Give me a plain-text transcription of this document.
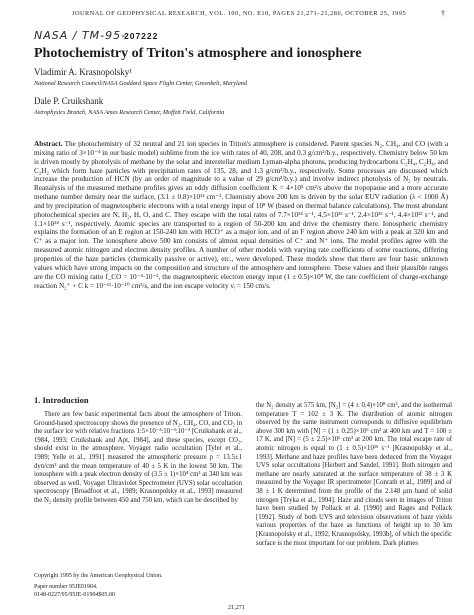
JOURNAL OF GEOPHYSICAL RESEARCH, VOL. 100, NO. E10, PAGES 21,271–21,286, OCTOBER 25, 1995	†
NASA / TM-95-
207222
Photochemistry of Triton's atmosphere and ionosphere
Vladimir A. Krasnopolsky¹
National Research Council/NASA Goddard Space Flight Center, Greenbelt, Maryland
Dale P. Cruikshank
Astrophysics Branch, NASA Ames Research Center, Moffett Field, California

Abstract. The photochemistry of 32 neutral and 21 ion species in Triton's atmosphere is considered. Parent species N₂, CH₄, and CO (with a mixing ratio of 3×10⁻⁴ in our basic model) sublime from the ice with rates of 40, 208, and 0.3 g/cm²/b.y., respectively. Chemistry below 50 km is driven mostly by photolysis of methane by the solar and interstellar medium Lyman-alpha photons, producing hydrocarbons C₂H₄, C₂H₆, and C₂H₂ which form haze particles with precipitation rates of 135, 28, and 1.3 g/cm²/b.y., respectively. Some processes are discussed which increase the production of HCN (by an order of magnitude to a value of 29 g/cm²/b.y.) and involve indirect photolysis of N₂ by neutrals. Reanalysis of the measured methane profiles gives an eddy diffusion coefficient K = 4×10⁵ cm²/s above the tropopause and a more accurate methane number density near the surface, (3.1 ± 0.8)×10¹¹ cm⁻³. Chemistry above 200 km is driven by the solar EUV radiation (λ < 1000 Å) and by precipitation of magnetospheric electrons with a total energy input of 10⁸ W (based on thermal balance calculations). The most abundant photochemical species are N, H₂, H, O, and C. They escape with the total rates of 7.7×10²⁴ s⁻¹, 4.5×10²⁵ s⁻¹, 2.4×10²⁵ s⁻¹, 4.4×10²² s⁻¹, and 1.1×10²⁴ s⁻¹, respectively. Atomic species are transported to a region of 50-200 km and drive the chemistry there. Ionospheric chemistry explains the formation of an E region at 150-240 km with HCO⁺ as a major ion, and of an F region above 240 km with a peak at 320 km and C⁺ as a major ion. The ionosphere above 500 km consists of almost equal densities of C⁺ and N⁺ ions. The model profiles agree with the measured atomic nitrogen and electron density profiles. A number of other models with varying rate coefficients of some reactions, differing properties of the haze particles (chemically passive or active), etc., were developed. These models show that there are four basic unknown values which have strong impacts on the composition and structure of the atmosphere and ionosphere. These values and their plausible ranges are the CO mixing ratio f_CO = 10⁻⁴·10⁻³, the magnetospheric electron energy input (1 ± 0.5)×10⁸ W, the rate coefficient of charge-exchange reaction N₂⁺ + C k = 10⁻¹¹·10⁻¹⁰ cm³/s, and the ion escape velocity vᵢ = 150 cm/s.

1. Introduction

There are few basic experimental facts about the atmosphere of Triton. Ground-based spectroscopy shows the presence of N₂, CH₄, CO, and CO₂ in the surface ice with relative fractions 1:5×10⁻³:10⁻³:10⁻³ [Cruikshank et al., 1984, 1993; Cruikshank and Apt, 1984], and these species, except CO₂, should exist in the atmosphere. Voyager radio occultation [Tyler et al., 1989; Yelle et al., 1991] measured the atmospheric pressure p = 13.5±1 dyn/cm² and the mean temperature of 40 ± 5 K in the lowest 50 km. The ionosphere with a peak electron density of (3.5 ± 1)×10⁴ cm³ at 340 km was observed as well. Voyager Ultraviolet Spectrometer (UVS) solar occultation spectroscopy [Broadfoot et al., 1989; Krasnopolsky et al., 1993] measured the N₂ density profile between 450 and 750 km, which can be described by

the N₂ density at 575 km, [N₂] = (4 ± 0.4)×10⁸ cm³, and the isothermal temperature T = 102 ± 3 K. The distribution of atomic nitrogen observed by the same instrument corresponds to diffusive equilibrium above 300 km with [N] = (1 ± 0.25)×10⁶ cm³ at 400 km and T = 100 ± 17 K, and [N] = (5 ± 2.5)×10⁶ cm³ at 200 km. The total escape rate of atomic nitrogen is equal to (1 ± 0.5)×10²⁵ s⁻¹ [Krasnopolsky et al., 1993]. Methane and haze profiles have been deduced from the Voyager UVS solar occultations [Herbert and Sandel, 1991]. Both nitrogen and methane are nearly saturated at the surface temperature of 38 ± 3 K measured by the Voyager IR spectrometer [Conrath et al., 1989] and of 38 ± 1 K determined from the profile of the 2.148 µm band of solid nitrogen [Tryka et al., 1994]. Haze and clouds seen in images of Triton have been studied by Pollack et al. [1990] and Rages and Pollack [1992]. Study of both UVS and television observations of haze yields various properties of the haze as functions of height up to 30 km [Krasnopolsky et al., 1992; Krasnopolsky, 1993b], of which the specific surface is the most important for our problem. Dark plumes

Copyright 1995 by the American Geophysical Union.
Paper number 95JE01904.
0148-0227/95/95JE-01904$05.00
21,271
